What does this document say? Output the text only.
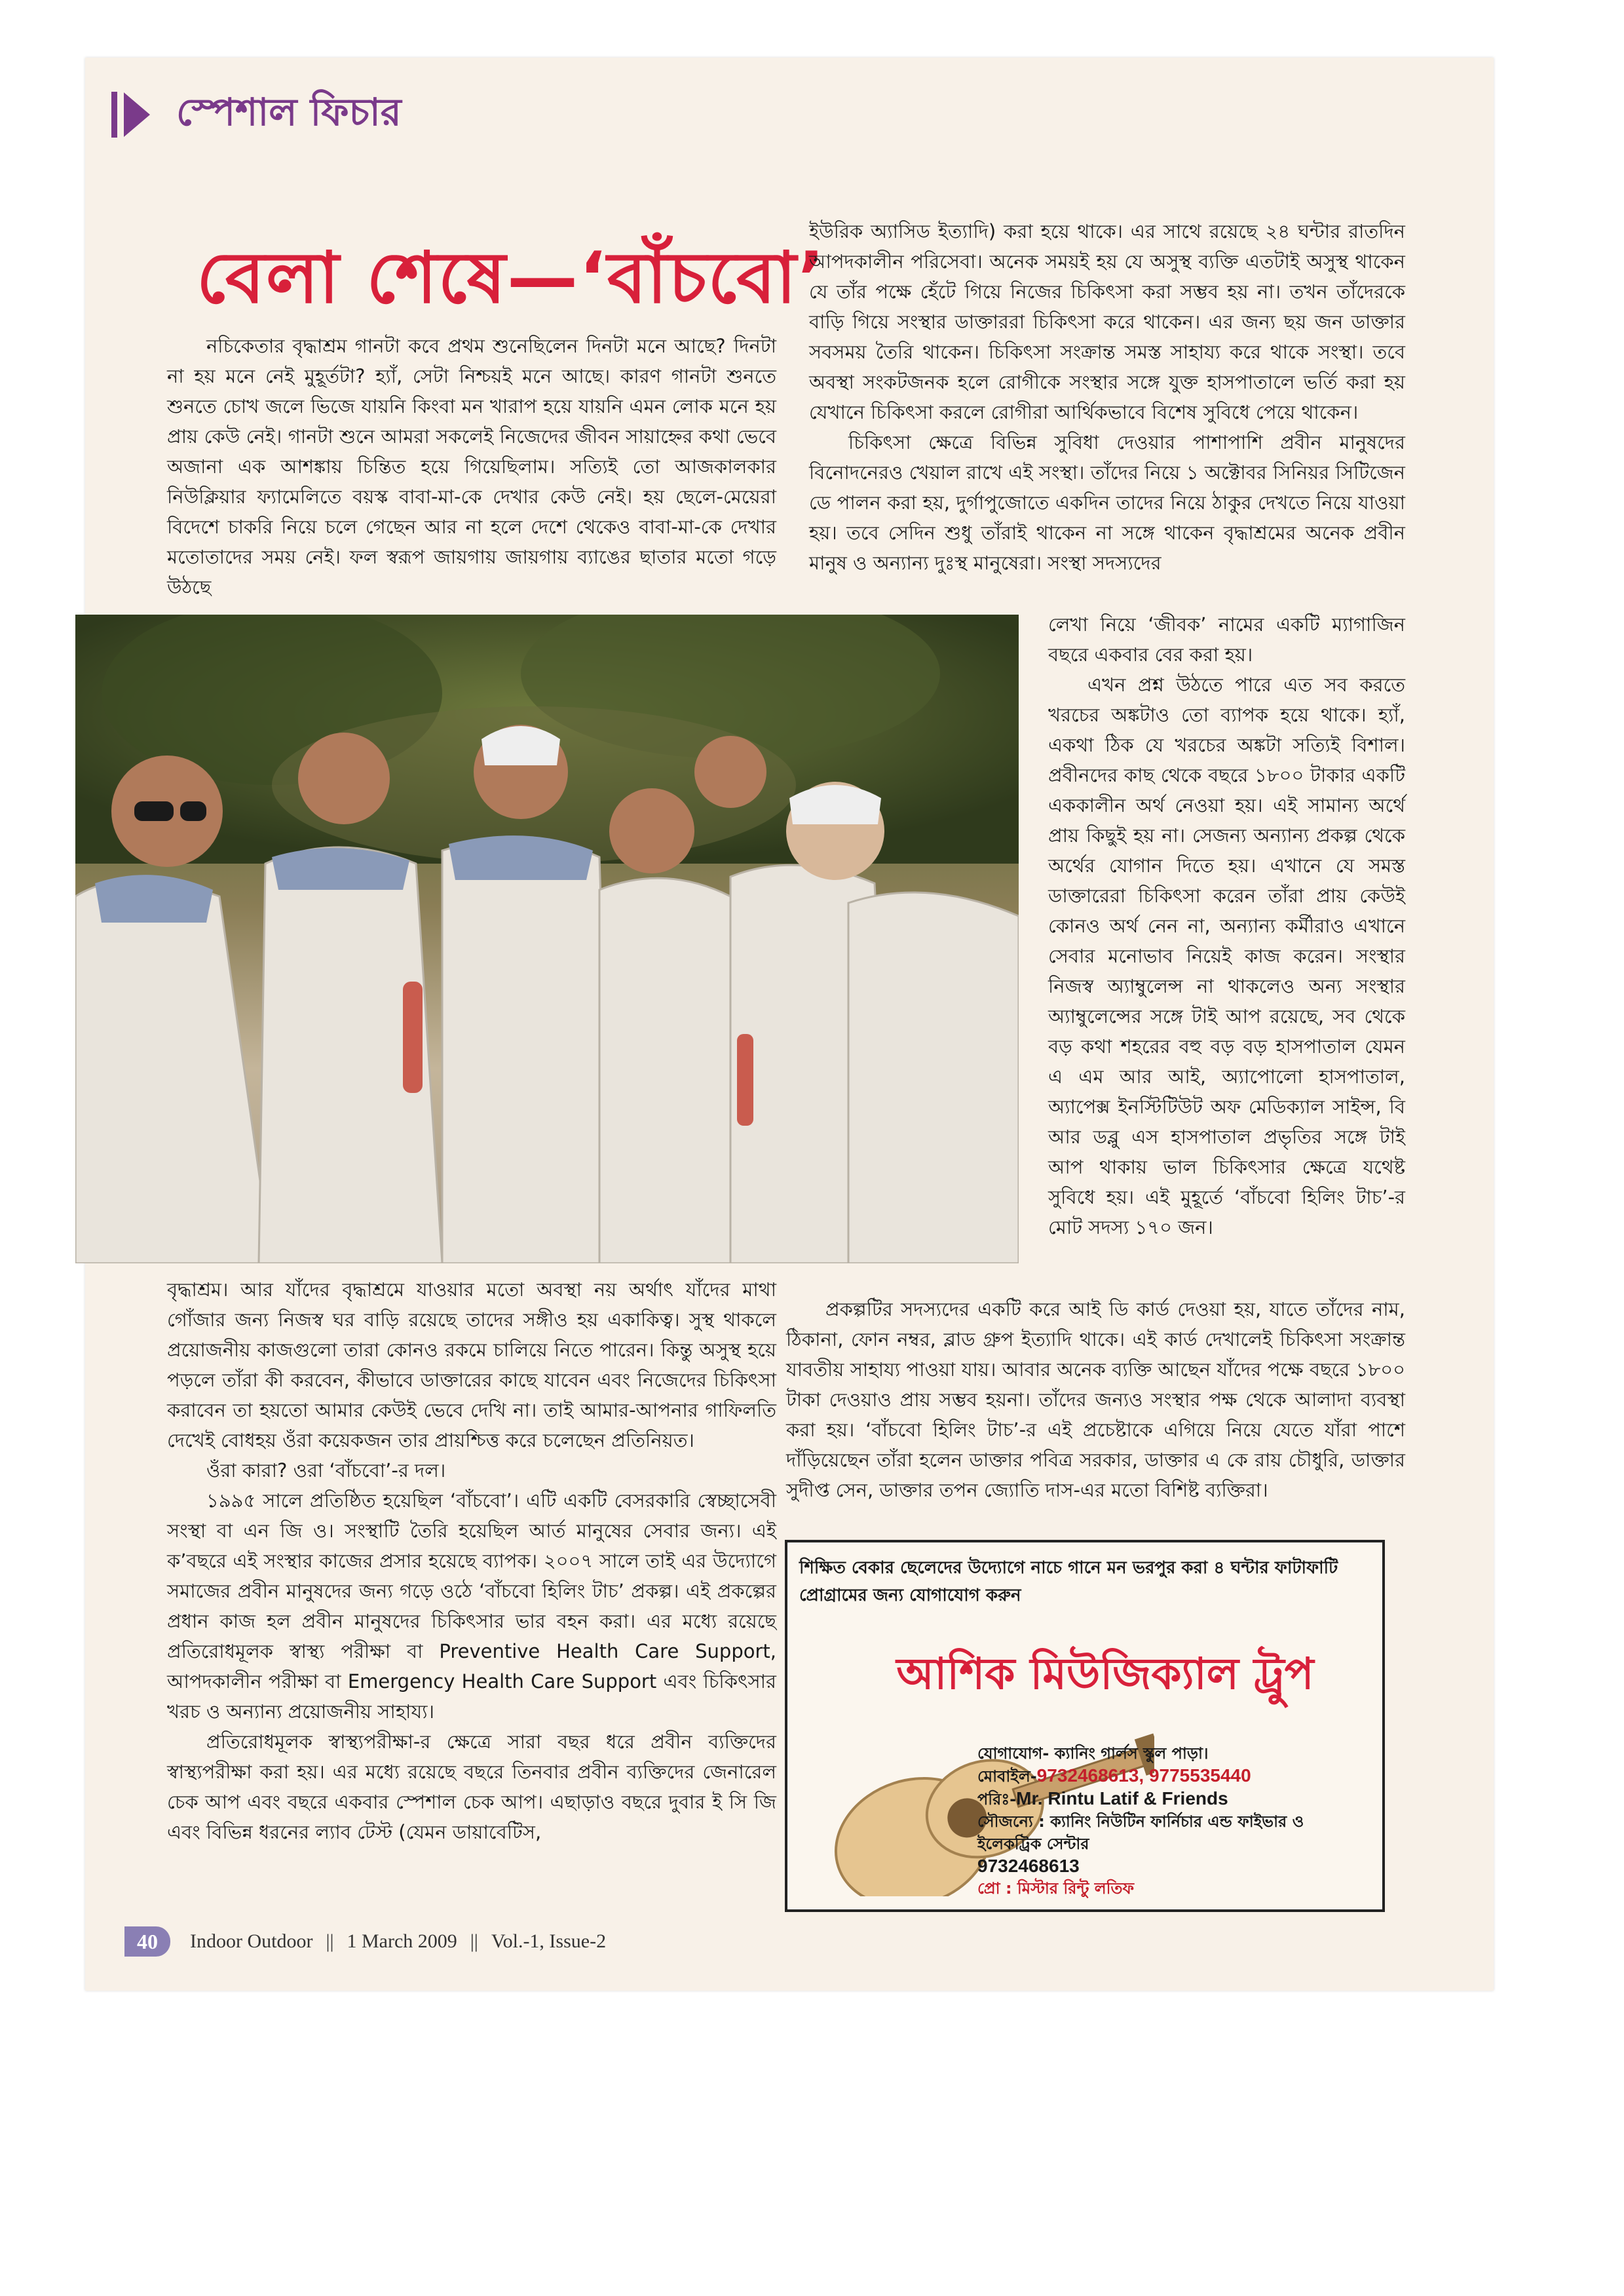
স্পেশাল ফিচার
বেলা শেষে—‘বাঁচবো’

নচিকেতার বৃদ্ধাশ্রম গানটা কবে প্রথম শুনেছিলেন দিনটা মনে আছে? দিনটা না হয় মনে নেই মুহূর্তটা? হ্যাঁ, সেটা নিশ্চয়ই মনে আছে। কারণ গানটা শুনতে শুনতে চোখ জলে ভিজে যায়নি কিংবা মন খারাপ হয়ে যায়নি এমন লোক মনে হয় প্রায় কেউ নেই। গানটা শুনে আমরা সকলেই নিজেদের জীবন সায়াহ্নের কথা ভেবে অজানা এক আশঙ্কায় চিন্তিত হয়ে গিয়েছিলাম। সত্যিই তো আজকালকার নিউক্লিয়ার ফ্যামেলিতে বয়স্ক বাবা-মা-কে দেখার কেউ নেই। হয় ছেলে-মেয়েরা বিদেশে চাকরি নিয়ে চলে গেছেন আর না হলে দেশে থেকেও বাবা-মা-কে দেখার মতোতাদের সময় নেই। ফল স্বরূপ জায়গায় জায়গায় ব্যাঙের ছাতার মতো গড়ে উঠছে

ইউরিক অ্যাসিড ইত্যাদি) করা হয়ে থাকে। এর সাথে রয়েছে ২৪ ঘন্টার রাতদিন আপদকালীন পরিসেবা। অনেক সময়ই হয় যে অসুস্থ ব্যক্তি এতটাই অসুস্থ থাকেন যে তাঁর পক্ষে হেঁটে গিয়ে নিজের চিকিৎসা করা সম্ভব হয় না। তখন তাঁদেরকে বাড়ি গিয়ে সংস্থার ডাক্তাররা চিকিৎসা করে থাকেন। এর জন্য ছয় জন ডাক্তার সবসময় তৈরি থাকেন। চিকিৎসা সংক্রান্ত সমস্ত সাহায্য করে থাকে সংস্থা। তবে অবস্থা সংকটজনক হলে রোগীকে সংস্থার সঙ্গে যুক্ত হাসপাতালে ভর্তি করা হয় যেখানে চিকিৎসা করলে রোগীরা আর্থিকভাবে বিশেষ সুবিধে পেয়ে থাকেন।

চিকিৎসা ক্ষেত্রে বিভিন্ন সুবিধা দেওয়ার পাশাপাশি প্রবীন মানুষদের বিনোদনেরও খেয়াল রাখে এই সংস্থা। তাঁদের নিয়ে ১ অক্টোবর সিনিয়র সিটিজেন ডে পালন করা হয়, দুর্গাপুজোতে একদিন তাদের নিয়ে ঠাকুর দেখতে নিয়ে যাওয়া হয়। তবে সেদিন শুধু তাঁরাই থাকেন না সঙ্গে থাকেন বৃদ্ধাশ্রমের অনেক প্রবীন মানুষ ও অন্যান্য দুঃস্থ মানুষেরা। সংস্থা সদস্যদের

লেখা নিয়ে ‘জীবক’ নামের একটি ম্যাগাজিন বছরে একবার বের করা হয়।

এখন প্রশ্ন উঠতে পারে এত সব করতে খরচের অঙ্কটাও তো ব্যাপক হয়ে থাকে। হ্যাঁ, একথা ঠিক যে খরচের অঙ্কটা সত্যিই বিশাল। প্রবীনদের কাছ থেকে বছরে ১৮০০ টাকার একটি এককালীন অর্থ নেওয়া হয়। এই সামান্য অর্থে প্রায় কিছুই হয় না। সেজন্য অন্যান্য প্রকল্প থেকে অর্থের যোগান দিতে হয়। এখানে যে সমস্ত ডাক্তারেরা চিকিৎসা করেন তাঁরা প্রায় কেউই কোনও অর্থ নেন না, অন্যান্য কর্মীরাও এখানে সেবার মনোভাব নিয়েই কাজ করেন। সংস্থার নিজস্ব অ্যাম্বুলেন্স না থাকলেও অন্য সংস্থার অ্যাম্বুলেন্সের সঙ্গে টাই আপ রয়েছে, সব থেকে বড় কথা শহরের বহু বড় বড় হাসপাতাল যেমন এ এম আর আই, অ্যাপোলো হাসপাতাল, অ্যাপেক্স ইনস্টিটিউট অফ মেডিক্যাল সাইন্স, বি আর ডব্লু এস হাসপাতাল প্রভৃতির সঙ্গে টাই আপ থাকায় ভাল চিকিৎসার ক্ষেত্রে যথেষ্ট সুবিধে হয়। এই মুহূর্তে ‘বাঁচবো হিলিং টাচ’-র মোট সদস্য ১৭০ জন।

বৃদ্ধাশ্রম। আর যাঁদের বৃদ্ধাশ্রমে যাওয়ার মতো অবস্থা নয় অর্থাৎ যাঁদের মাথা গোঁজার জন্য নিজস্ব ঘর বাড়ি রয়েছে তাদের সঙ্গীও হয় একাকিত্ব। সুস্থ থাকলে প্রয়োজনীয় কাজগুলো তারা কোনও রকমে চালিয়ে নিতে পারেন। কিন্তু অসুস্থ হয়ে পড়লে তাঁরা কী করবেন, কীভাবে ডাক্তারের কাছে যাবেন এবং নিজেদের চিকিৎসা করাবেন তা হয়তো আমার কেউই ভেবে দেখি না। তাই আমার-আপনার গাফিলতি দেখেই বোধহয় ওঁরা কয়েকজন তার প্রায়শ্চিত্ত করে চলেছেন প্রতিনিয়ত।

ওঁরা কারা? ওরা ‘বাঁচবো’-র দল।

১৯৯৫ সালে প্রতিষ্ঠিত হয়েছিল ‘বাঁচবো’। এটি একটি বেসরকারি স্বেচ্ছাসেবী সংস্থা বা এন জি ও। সংস্থাটি তৈরি হয়েছিল আর্ত মানুষের সেবার জন্য। এই ক’বছরে এই সংস্থার কাজের প্রসার হয়েছে ব্যাপক। ২০০৭ সালে তাই এর উদ্যোগে সমাজের প্রবীন মানুষদের জন্য গড়ে ওঠে ‘বাঁচবো হিলিং টাচ’ প্রকল্প। এই প্রকল্পের প্রধান কাজ হল প্রবীন মানুষদের চিকিৎসার ভার বহন করা। এর মধ্যে রয়েছে প্রতিরোধমূলক স্বাস্থ্য পরীক্ষা বা Preventive Health Care Support, আপদকালীন পরীক্ষা বা Emergency Health Care Support এবং চিকিৎসার খরচ ও অন্যান্য প্রয়োজনীয় সাহায্য।

প্রতিরোধমূলক স্বাস্থ্যপরীক্ষা-র ক্ষেত্রে সারা বছর ধরে প্রবীন ব্যক্তিদের স্বাস্থ্যপরীক্ষা করা হয়। এর মধ্যে রয়েছে বছরে তিনবার প্রবীন ব্যক্তিদের জেনারেল চেক আপ এবং বছরে একবার স্পেশাল চেক আপ। এছাড়াও বছরে দুবার ই সি জি এবং বিভিন্ন ধরনের ল্যাব টেস্ট (যেমন ডায়াবেটিস,

প্রকল্পটির সদস্যদের একটি করে আই ডি কার্ড দেওয়া হয়, যাতে তাঁদের নাম, ঠিকানা, ফোন নম্বর, ব্লাড গ্রুপ ইত্যাদি থাকে। এই কার্ড দেখালেই চিকিৎসা সংক্রান্ত যাবতীয় সাহায্য পাওয়া যায়। আবার অনেক ব্যক্তি আছেন যাঁদের পক্ষে বছরে ১৮০০ টাকা দেওয়াও প্রায় সম্ভব হয়না। তাঁদের জন্যও সংস্থার পক্ষ থেকে আলাদা ব্যবস্থা করা হয়। ‘বাঁচবো হিলিং টাচ’-র এই প্রচেষ্টাকে এগিয়ে নিয়ে যেতে যাঁরা পাশে দাঁড়িয়েছেন তাঁরা হলেন ডাক্তার পবিত্র সরকার, ডাক্তার এ কে রায় চৌধুরি, ডাক্তার সুদীপ্ত সেন, ডাক্তার তপন জ্যোতি দাস-এর মতো বিশিষ্ট ব্যক্তিরা।

শিক্ষিত বেকার ছেলেদের উদ্যোগে নাচে গানে মন ভরপুর করা ৪ ঘন্টার ফাটাফাটি প্রোগ্রামের জন্য যোগাযোগ করুন
আশিক মিউজিক্যাল ট্রুপ
যোগাযোগ- ক্যানিং গার্লস স্কুল পাড়া।
মোবাইল-9732468613, 9775535440
পরিঃ-Mr. Rintu Latif & Friends
সৌজন্যে : ক্যানিং নিউটিন ফার্নিচার এন্ড ফাইভার ও ইলেকট্রিক সেন্টার
9732468613
প্রো : মিস্টার রিন্টু লতিফ
40	Indoor Outdoor || 1 March 2009 || Vol.-1, Issue-2
